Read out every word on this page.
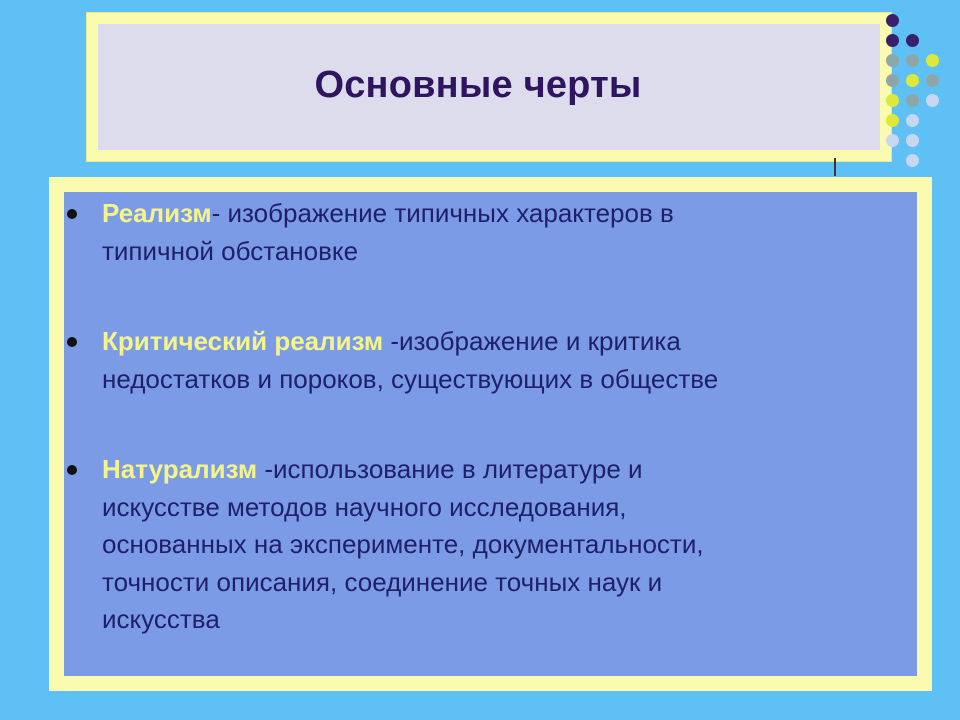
Основные черты
Реализм- изображение типичных характеров в
типичной обстановке
Критический реализм -изображение и критика
недостатков и пороков, существующих в обществе
Натурализм -использование в литературе и
искусстве методов научного исследования,
основанных на эксперименте, документальности,
точности описания, соединение точных наук и
искусства
